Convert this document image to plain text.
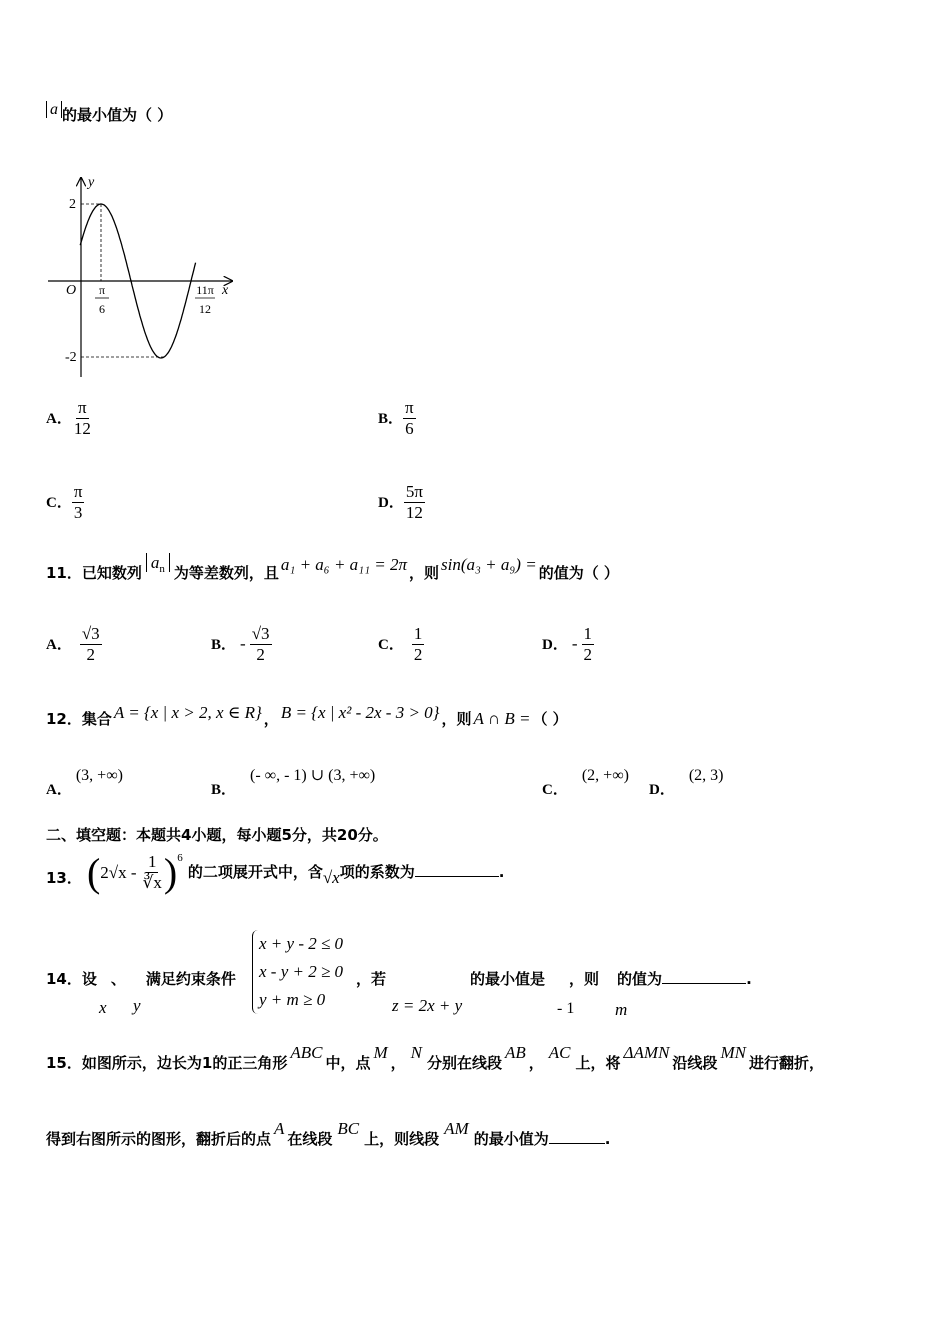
a 的最小值为（ ）
y
x
O
2
-2
π
6
11π
12
A． $\frac{\pi}{12}$	B． $\frac{\pi}{6}$
C． $\frac{\pi}{3}$	D． $\frac{5\pi}{12}$
11．已知数列$a_n$ 为等差数列，且 a₁ + a₆ + a₁₁ = 2π ，则 sin(a₃ + a₉) = 的值为（ ）
A． $\frac{√3}{2}$	B． - $\frac{√3}{2}$	C． $\frac{1}{2}$	D． - $\frac{1}{2}$
12．集合 A = {x | x > 2, x ∈ R} ， B = {x | x² - 2x - 3 > 0} ，则 A ∩ B = （ ）
A．(3, +∞)
B．(- ∞, - 1) ∪ (3, +∞)
C．(2, +∞)
D．(2, 3)
二、填空题：本题共4小题，每小题5分，共20分。
13． ( $2√x - \frac{1}{∛x}$ ) 6
的二项展开式中，含√x项的系数为	.
14．设 、 满足约束条件
x y
x + y - 2 ≤ 0
x - y + 2 ≥ 0
y + m ≥ 0
，若	的最小值是 ，则 的值为	.
z = 2x + y	- 1 m
15．如图所示，边长为1的正三角形ABC中，点M，N分别在线段AB，AC上，将ΔAMN沿线段MN进行翻折，
得到右图所示的图形，翻折后的点A在线段BC上，则线段AM的最小值为	.
